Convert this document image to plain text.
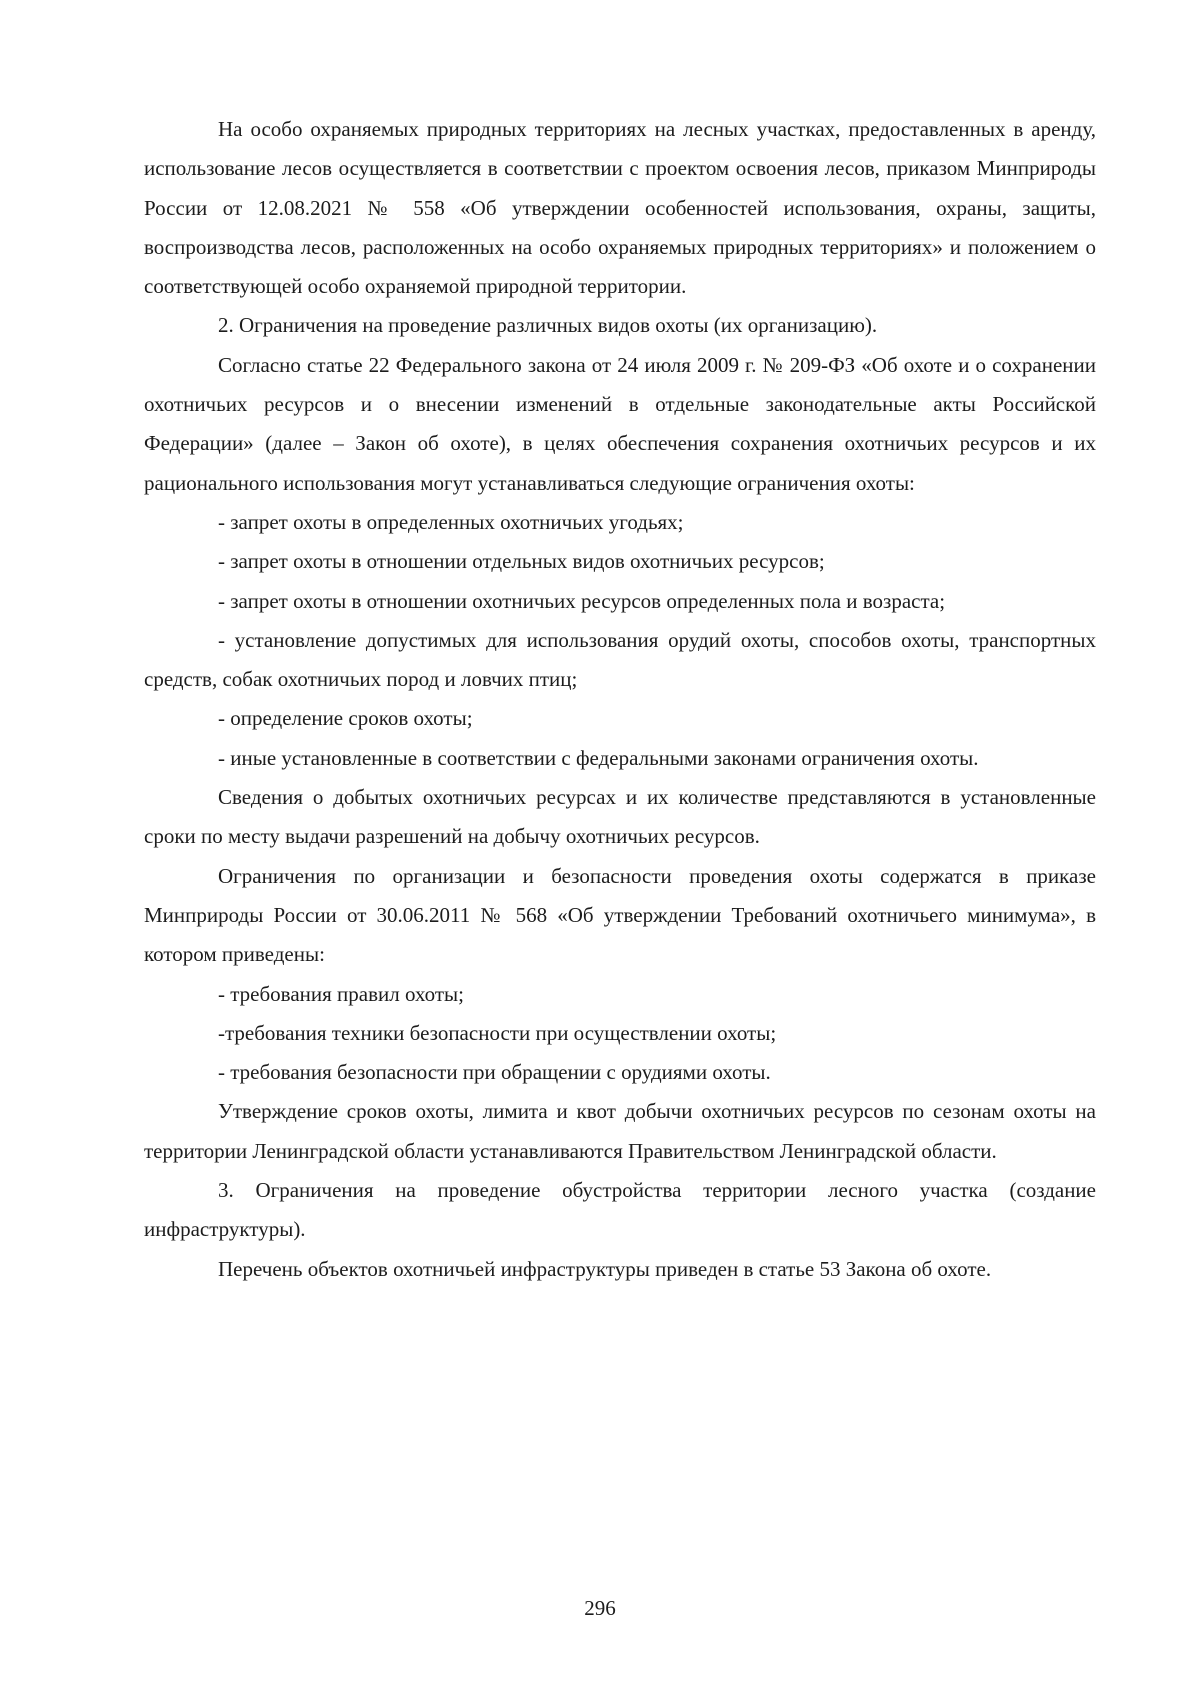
На особо охраняемых природных территориях на лесных участках, предоставленных в аренду, использование лесов осуществляется в соответствии с проектом освоения лесов, приказом Минприроды России от 12.08.2021 № 558 «Об утверждении особенностей использования, охраны, защиты, воспроизводства лесов, расположенных на особо охраняемых природных территориях» и положением о соответствующей особо охраняемой природной территории.

2. Ограничения на проведение различных видов охоты (их организацию).

Согласно статье 22 Федерального закона от 24 июля 2009 г. № 209-ФЗ «Об охоте и о сохранении охотничьих ресурсов и о внесении изменений в отдельные законодательные акты Российской Федерации» (далее – Закон об охоте), в целях обеспечения сохранения охотничьих ресурсов и их рационального использования могут устанавливаться следующие ограничения охоты:

- запрет охоты в определенных охотничьих угодьях;

- запрет охоты в отношении отдельных видов охотничьих ресурсов;

- запрет охоты в отношении охотничьих ресурсов определенных пола и возраста;

- установление допустимых для использования орудий охоты, способов охоты, транспортных средств, собак охотничьих пород и ловчих птиц;

- определение сроков охоты;

- иные установленные в соответствии с федеральными законами ограничения охоты.

Сведения о добытых охотничьих ресурсах и их количестве представляются в установленные сроки по месту выдачи разрешений на добычу охотничьих ресурсов.

Ограничения по организации и безопасности проведения охоты содержатся в приказе Минприроды России от 30.06.2011 № 568 «Об утверждении Требований охотничьего минимума», в котором приведены:

- требования правил охоты;

-требования техники безопасности при осуществлении охоты;

- требования безопасности при обращении с орудиями охоты.

Утверждение сроков охоты, лимита и квот добычи охотничьих ресурсов по сезонам охоты на территории Ленинградской области устанавливаются Правительством Ленинградской области.

3. Ограничения на проведение обустройства территории лесного участка (создание инфраструктуры).

Перечень объектов охотничьей инфраструктуры приведен в статье 53 Закона об охоте.

296
